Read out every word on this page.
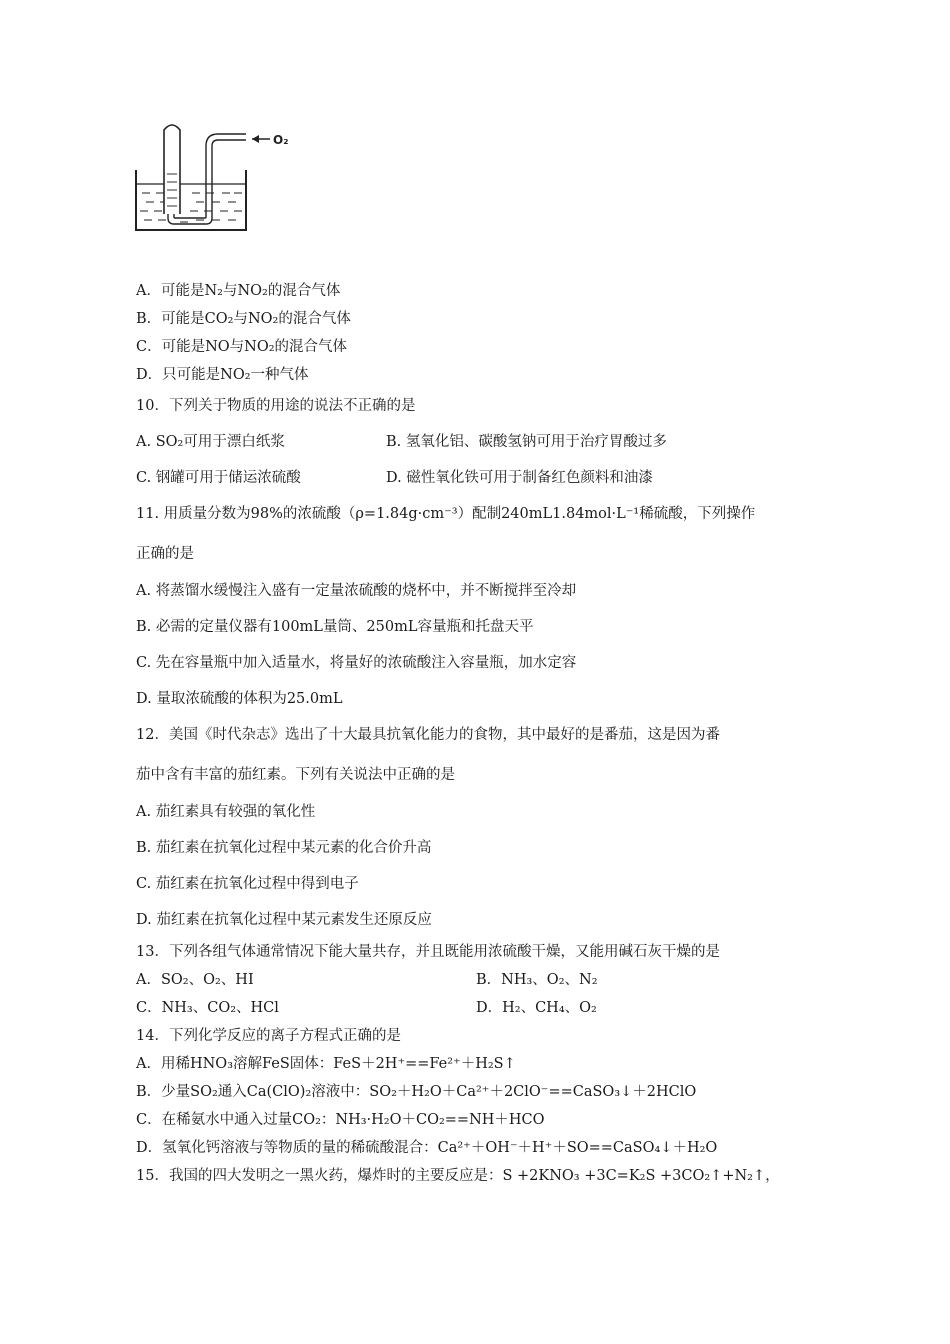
O₂
A．可能是N₂与NO₂的混合气体
B．可能是CO₂与NO₂的混合气体
C．可能是NO与NO₂的混合气体
D．只可能是NO₂一种气体
10．下列关于物质的用途的说法不正确的是
A. SO₂可用于漂白纸浆	B. 氢氧化铝、碳酸氢钠可用于治疗胃酸过多
C. 钢罐可用于储运浓硫酸	D. 磁性氧化铁可用于制备红色颜料和油漆
11. 用质量分数为98%的浓硫酸（ρ=1.84g·cm⁻³）配制240mL1.84mol·L⁻¹稀硫酸，下列操作
正确的是
A. 将蒸馏水缓慢注入盛有一定量浓硫酸的烧杯中，并不断搅拌至冷却
B. 必需的定量仪器有100mL量筒、250mL容量瓶和托盘天平
C. 先在容量瓶中加入适量水，将量好的浓硫酸注入容量瓶，加水定容
D. 量取浓硫酸的体积为25.0mL
12．美国《时代杂志》选出了十大最具抗氧化能力的食物，其中最好的是番茄，这是因为番
茄中含有丰富的茄红素。下列有关说法中正确的是
A. 茄红素具有较强的氧化性
B. 茄红素在抗氧化过程中某元素的化合价升高
C. 茄红素在抗氧化过程中得到电子
D. 茄红素在抗氧化过程中某元素发生还原反应
13．下列各组气体通常情况下能大量共存，并且既能用浓硫酸干燥，又能用碱石灰干燥的是
A．SO₂、O₂、HI	B．NH₃、O₂、N₂
C．NH₃、CO₂、HCl	D．H₂、CH₄、O₂
14．下列化学反应的离子方程式正确的是
A．用稀HNO₃溶解FeS固体：FeS＋2H⁺==Fe²⁺＋H₂S↑
B．少量SO₂通入Ca(ClO)₂溶液中：SO₂＋H₂O＋Ca²⁺＋2ClO⁻==CaSO₃↓＋2HClO
C．在稀氨水中通入过量CO₂：NH₃·H₂O＋CO₂==NH＋HCO
D．氢氧化钙溶液与等物质的量的稀硫酸混合：Ca²⁺＋OH⁻＋H⁺＋SO==CaSO₄↓＋H₂O
15．我国的四大发明之一黑火药，爆炸时的主要反应是：S +2KNO₃ +3C=K₂S +3CO₂↑+N₂↑，
